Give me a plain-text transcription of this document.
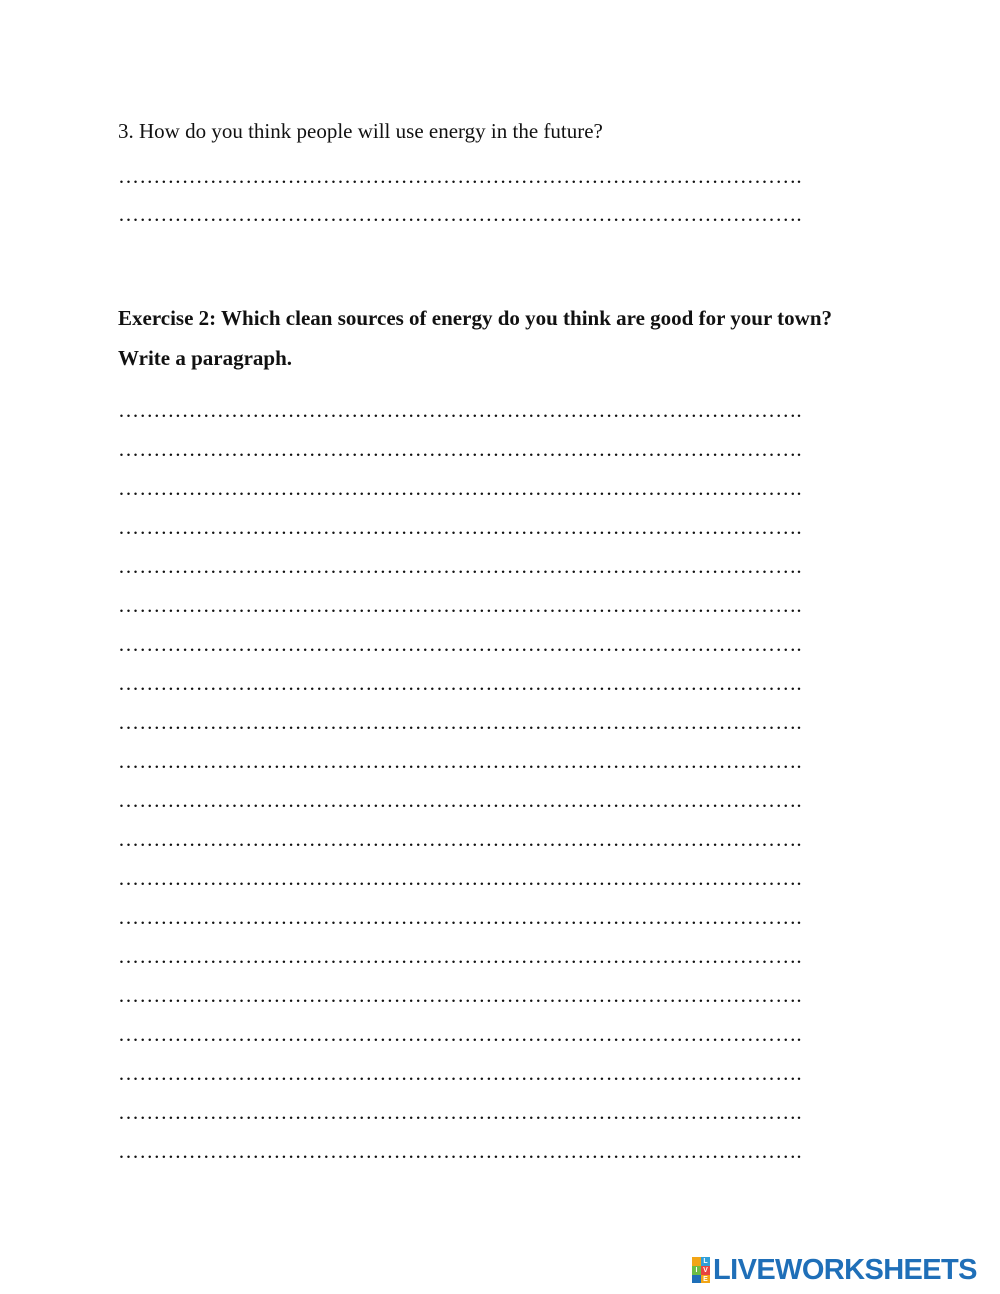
3. How do you think people will use energy in the future?
…………………………………………………………………………………….
…………………………………………………………………………………….
Exercise 2: Which clean sources of energy do you think are good for your town? Write a paragraph.
…………………………………………………………………………………….
…………………………………………………………………………………….
…………………………………………………………………………………….
…………………………………………………………………………………….
…………………………………………………………………………………….
…………………………………………………………………………………….
…………………………………………………………………………………….
…………………………………………………………………………………….
…………………………………………………………………………………….
…………………………………………………………………………………….
…………………………………………………………………………………….
…………………………………………………………………………………….
…………………………………………………………………………………….
…………………………………………………………………………………….
…………………………………………………………………………………….
…………………………………………………………………………………….
…………………………………………………………………………………….
…………………………………………………………………………………….
…………………………………………………………………………………….
…………………………………………………………………………………….
L
I V
E LIVEWORKSHEETS
